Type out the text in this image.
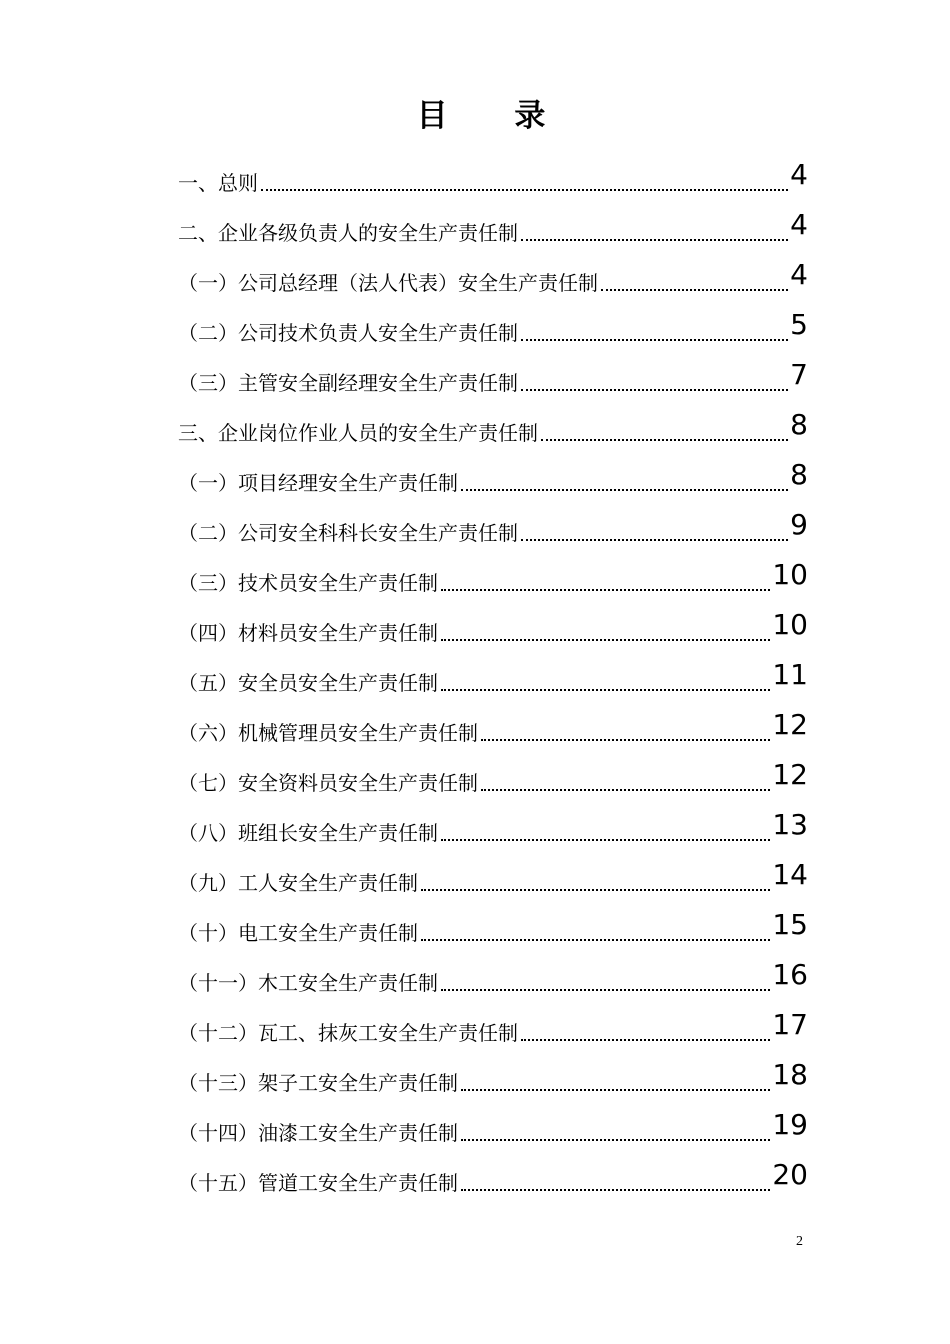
目 录
一、总则	4
二、企业各级负责人的安全生产责任制	4
（一）公司总经理（法人代表）安全生产责任制	4
（二）公司技术负责人安全生产责任制	5
（三）主管安全副经理安全生产责任制	7
三、企业岗位作业人员的安全生产责任制	8
（一）项目经理安全生产责任制	8
（二）公司安全科科长安全生产责任制	9
（三）技术员安全生产责任制	10
（四）材料员安全生产责任制	10
（五）安全员安全生产责任制	11
（六）机械管理员安全生产责任制	12
（七）安全资料员安全生产责任制	12
（八）班组长安全生产责任制	13
（九）工人安全生产责任制	14
（十）电工安全生产责任制	15
（十一）木工安全生产责任制	16
（十二）瓦工、抹灰工安全生产责任制	17
（十三）架子工安全生产责任制	18
（十四）油漆工安全生产责任制	19
（十五）管道工安全生产责任制	20
2
